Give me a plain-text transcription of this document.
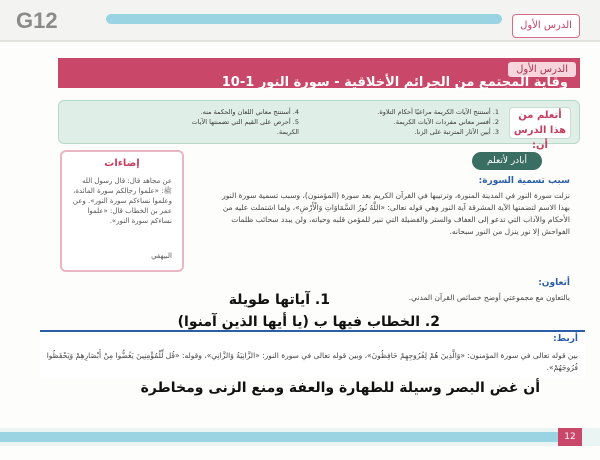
G12	الدرس الأول
الدرس الأول
وقاية المجتمع من الجرائم الأخلاقية - سورة النور 1-10
أتعلم من هذا الدرس أن:
1. أستنتج الآيات الكريمة مراعيًا أحكام التلاوة.
2. أفسر معاني مفردات الآيات الكريمة.
3. أبين الآثار المترتبة على الزنا.
4. أستنتج معاني اللعان والحكمة منه.
5. أحرص على القيم التي تضمنتها الآيات
الكريمة.
إضاءات
عن مجاهد قال: قال رسول الله ﷺ: «علموا رجالكم سورة المائدة، وعلموا نساءكم سورة النور». وعن عمر بن الخطاب قال: «علموا نساءكم سورة النور».
البيهقي
أبادر لأتعلم
سبب تسمية السورة:
نزلت سورة النور في المدينة المنورة، وترتيبها في القرآن الكريم بعد سورة (المؤمنون)، وسبب تسمية سورة النور بهذا الاسم لتضمنها الآية المشرقة آية النور وهي قوله تعالى: «اللَّهُ نُورُ السَّمَاوَاتِ وَالْأَرْضِ»، ولما اشتملت عليه من الأحكام والآداب التي تدعو إلى العفاف والستر والفضيلة التي تنير للمؤمن قلبه وحياته، ولن يبدد سحائب ظلمات الفواحش إلا نور ينزل من النور سبحانه.
أتعاون:
بالتعاون مع مجموعتي أوضح خصائص القرآن المدني.
1. آياتها طويلة
2. الخطاب فيها ب (يا أيها الذين آمنوا)
أربط:
بين قوله تعالى في سورة المؤمنون: «وَالَّذِينَ هُمْ لِفُرُوجِهِمْ حَافِظُونَ»، وبين قوله تعالى في سورة النور: «الزَّانِيَةُ وَالزَّانِي»، وقوله: «قُل لِّلْمُؤْمِنِينَ يَغُضُّوا مِنْ أَبْصَارِهِمْ وَيَحْفَظُوا فُرُوجَهُمْ».
أن غض البصر وسيلة للطهارة والعفة ومنع الزنى ومخاطرة
12
